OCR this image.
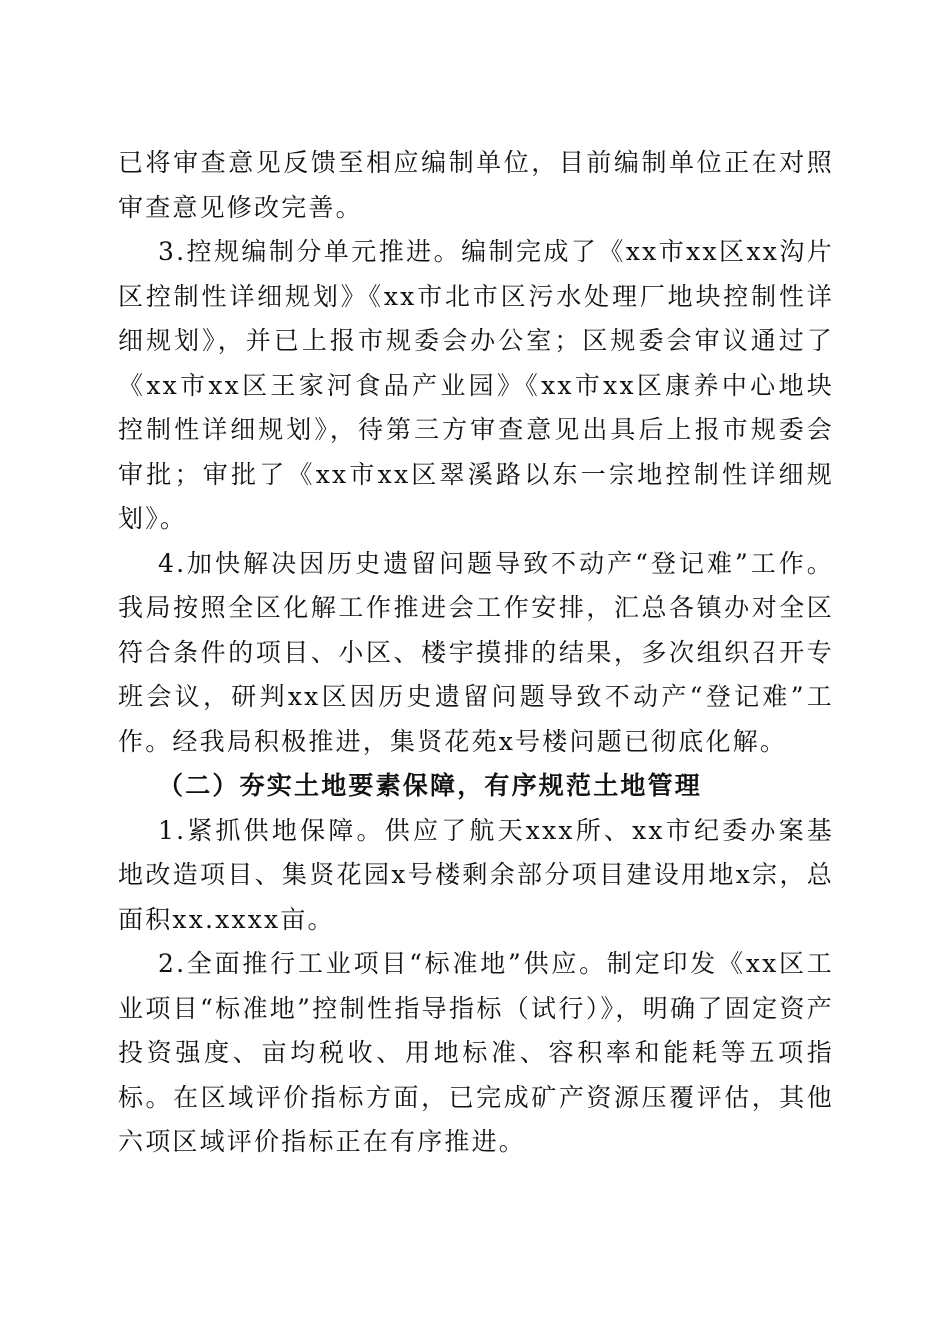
已将审查意见反馈至相应编制单位，目前编制单位正在对照审查意见修改完善。

3.控规编制分单元推进。编制完成了《xx市xx区xx沟片区控制性详细规划》《xx市北市区污水处理厂地块控制性详细规划》，并已上报市规委会办公室；区规委会审议通过了《xx市xx区王家河食品产业园》《xx市xx区康养中心地块控制性详细规划》，待第三方审查意见出具后上报市规委会审批；审批了《xx市xx区翠溪路以东一宗地控制性详细规划》。

4.加快解决因历史遗留问题导致不动产“登记难”工作。我局按照全区化解工作推进会工作安排，汇总各镇办对全区符合条件的项目、小区、楼宇摸排的结果，多次组织召开专班会议，研判xx区因历史遗留问题导致不动产“登记难”工作。经我局积极推进，集贤花苑x号楼问题已彻底化解。

（二）夯实土地要素保障，有序规范土地管理

1.紧抓供地保障。供应了航天xxx所、xx市纪委办案基地改造项目、集贤花园x号楼剩余部分项目建设用地x宗，总面积xx.xxxx亩。

2.全面推行工业项目“标准地”供应。制定印发《xx区工业项目“标准地”控制性指导指标（试行）》，明确了固定资产投资强度、亩均税收、用地标准、容积率和能耗等五项指标。在区域评价指标方面，已完成矿产资源压覆评估，其他六项区域评价指标正在有序推进。
